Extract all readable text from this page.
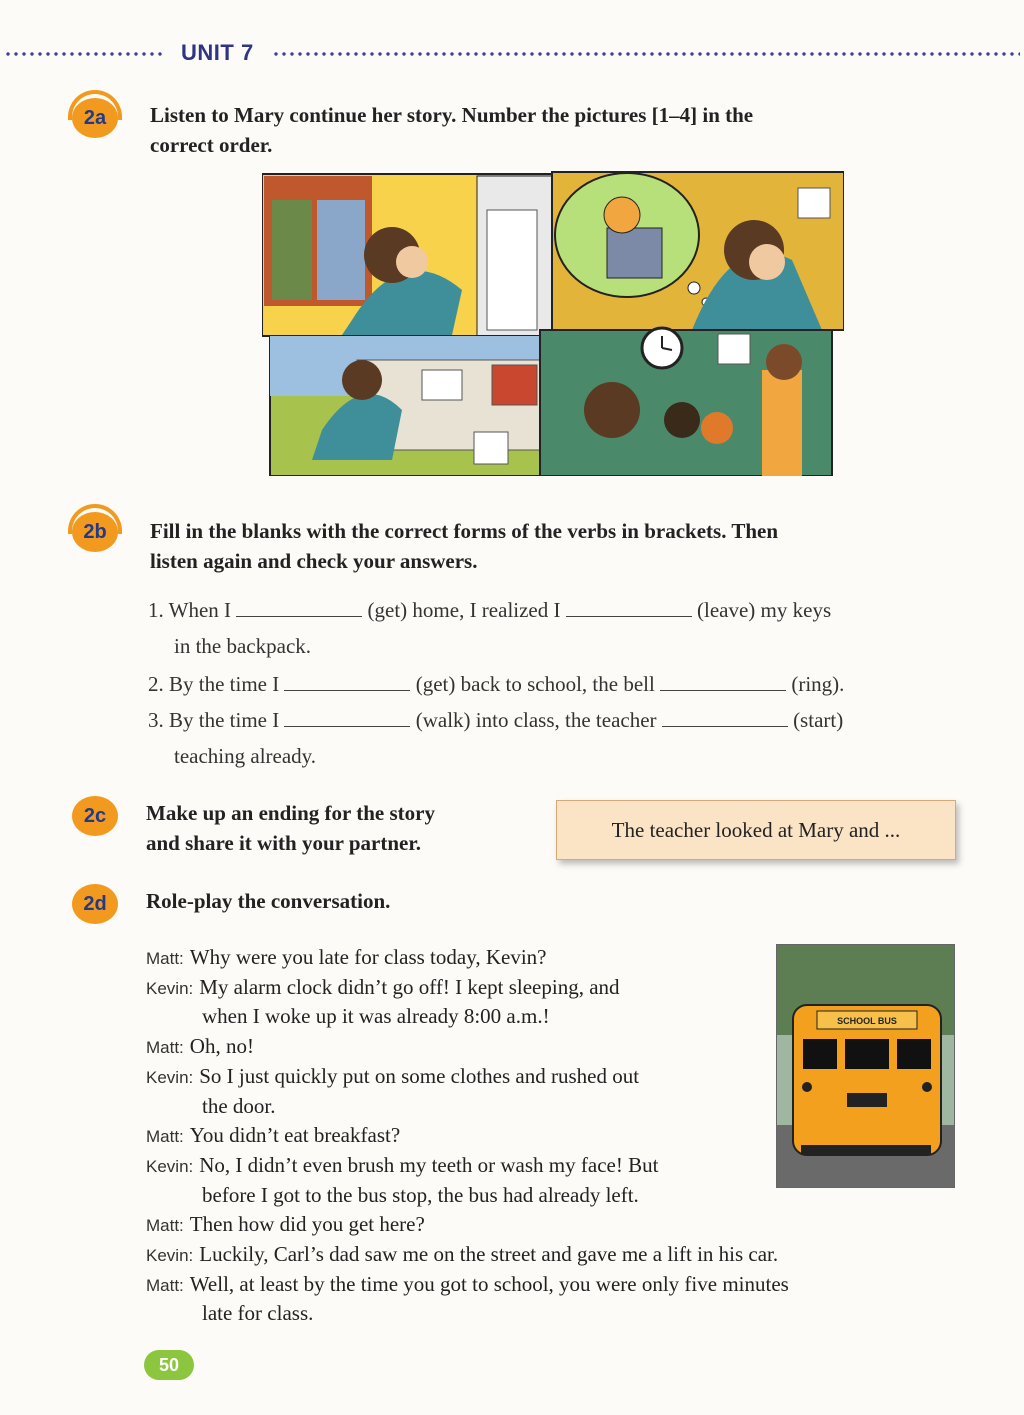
UNIT 7
2a	Listen to Mary continue her story. Number the pictures [1–4] in the
correct order.
2b	Fill in the blanks with the correct forms of the verbs in brackets. Then
listen again and check your answers.
1. When I	(get) home, I realized I	(leave) my keys
in the backpack.
2. By the time I	(get) back to school, the bell	(ring).
3. By the time I	(walk) into class, the teacher	(start)
teaching already.
2c	Make up an ending for the story
and share it with your partner.
The teacher looked at Mary and ...
2d	Role-play the conversation.
Matt: Why were you late for class today, Kevin?
Kevin: My alarm clock didn’t go off! I kept sleeping, and
when I woke up it was already 8:00 a.m.!
Matt: Oh, no!
Kevin: So I just quickly put on some clothes and rushed out
the door.
Matt: You didn’t eat breakfast?
Kevin: No, I didn’t even brush my teeth or wash my face! But
before I got to the bus stop, the bus had already left.
Matt: Then how did you get here?
Kevin: Luckily, Carl’s dad saw me on the street and gave me a lift in his car.
Matt: Well, at least by the time you got to school, you were only five minutes
late for class.
SCHOOL BUS
50
